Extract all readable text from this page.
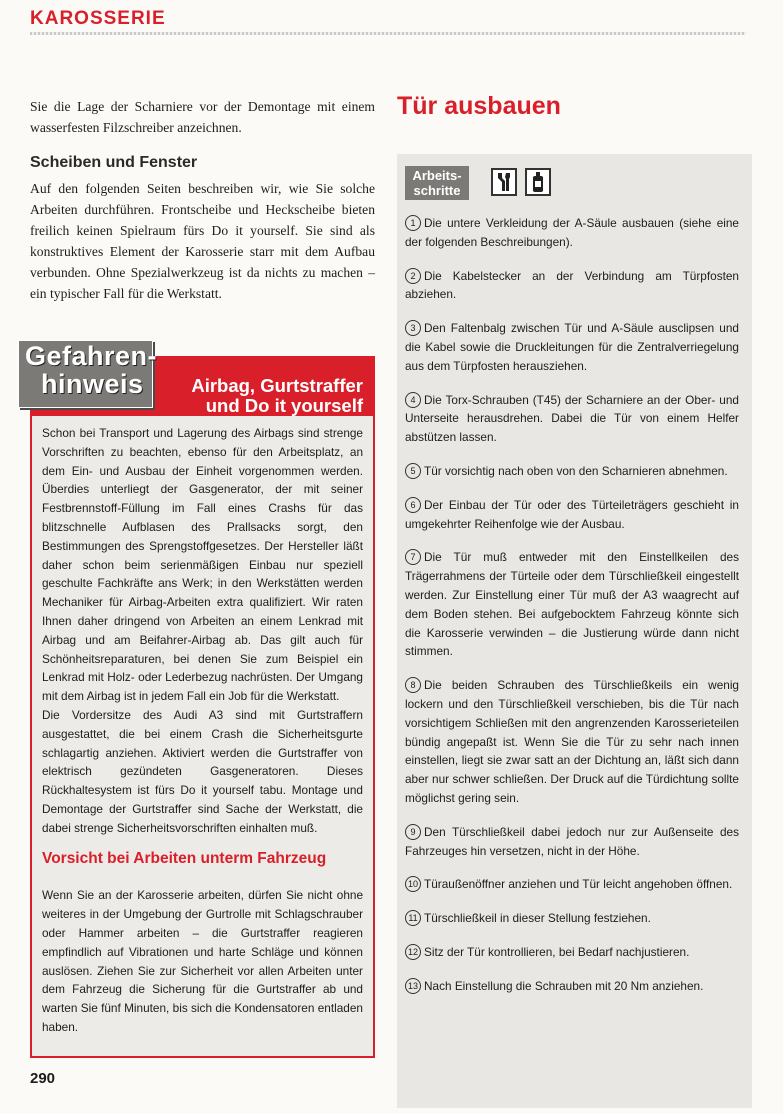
KAROSSERIE

Sie die Lage der Scharniere vor der Demontage mit einem wasserfesten Filzschreiber anzeichnen.

Scheiben und Fenster

Auf den folgenden Seiten beschreiben wir, wie Sie solche Arbeiten durchführen. Frontscheibe und Heckscheibe bieten freilich keinen Spielraum fürs Do it yourself. Sie sind als konstruktives Element der Karosserie starr mit dem Aufbau verbunden. Ohne Spezialwerkzeug ist da nichts zu machen – ein typischer Fall für die Werkstatt.

Airbag, Gurtstraffer
und Do it yourself
Gefahren-
hinweis

Schon bei Transport und Lagerung des Airbags sind strenge Vorschriften zu beachten, ebenso für den Arbeitsplatz, an dem Ein- und Ausbau der Einheit vorgenommen werden. Überdies unterliegt der Gasgenerator, der mit seiner Festbrennstoff-Füllung im Fall eines Crashs für das blitzschnelle Aufblasen des Prallsacks sorgt, den Bestimmungen des Sprengstoffgesetzes. Der Hersteller läßt daher schon beim serienmäßigen Einbau nur speziell geschulte Fachkräfte ans Werk; in den Werkstätten werden Mechaniker für Airbag-Arbeiten extra qualifiziert. Wir raten Ihnen daher dringend von Arbeiten an einem Lenkrad mit Airbag und am Beifahrer-Airbag ab. Das gilt auch für Schönheitsreparaturen, bei denen Sie zum Beispiel ein Lenkrad mit Holz- oder Lederbezug nachrüsten. Der Umgang mit dem Airbag ist in jedem Fall ein Job für die Werkstatt.

Die Vordersitze des Audi A3 sind mit Gurtstraffern ausgestattet, die bei einem Crash die Sicherheitsgurte schlagartig anziehen. Aktiviert werden die Gurtstraffer von elektrisch gezündeten Gasgeneratoren. Dieses Rückhaltesystem ist fürs Do it yourself tabu. Montage und Demontage der Gurtstraffer sind Sache der Werkstatt, die dabei strenge Sicherheitsvorschriften einhalten muß.

Vorsicht bei Arbeiten unterm Fahrzeug

Wenn Sie an der Karosserie arbeiten, dürfen Sie nicht ohne weiteres in der Umgebung der Gurtrolle mit Schlagschrauber oder Hammer arbeiten – die Gurtstraffer reagieren empfindlich auf Vibrationen und harte Schläge und können auslösen. Ziehen Sie zur Sicherheit vor allen Arbeiten unter dem Fahrzeug die Sicherung für die Gurtstraffer ab und warten Sie fünf Minuten, bis sich die Kondensatoren entladen haben.

290
Tür ausbauen
Arbeits-schritte

1 Die untere Verkleidung der A-Säule ausbauen (siehe eine der folgenden Beschreibungen).

2 Die Kabelstecker an der Verbindung am Türpfosten abziehen.

3 Den Faltenbalg zwischen Tür und A-Säule ausclipsen und die Kabel sowie die Druckleitungen für die Zentralverriegelung aus dem Türpfosten herausziehen.

4 Die Torx-Schrauben (T45) der Scharniere an der Ober- und Unterseite herausdrehen. Dabei die Tür von einem Helfer abstützen lassen.

5 Tür vorsichtig nach oben von den Scharnieren abnehmen.

6 Der Einbau der Tür oder des Türteileträgers geschieht in umgekehrter Reihenfolge wie der Ausbau.

7 Die Tür muß entweder mit den Einstellkeilen des Trägerrahmens der Türteile oder dem Türschließkeil eingestellt werden. Zur Einstellung einer Tür muß der A3 waagrecht auf dem Boden stehen. Bei aufgebocktem Fahrzeug könnte sich die Karosserie verwinden – die Justierung würde dann nicht stimmen.

8 Die beiden Schrauben des Türschließkeils ein wenig lockern und den Türschließkeil verschieben, bis die Tür nach vorsichtigem Schließen mit den angrenzenden Karosserieteilen bündig angepaßt ist. Wenn Sie die Tür zu sehr nach innen einstellen, liegt sie zwar satt an der Dichtung an, läßt sich dann aber nur schwer schließen. Der Druck auf die Türdichtung sollte möglichst gering sein.

9 Den Türschließkeil dabei jedoch nur zur Außenseite des Fahrzeuges hin versetzen, nicht in der Höhe.

10 Türaußenöffner anziehen und Tür leicht angehoben öffnen.

11 Türschließkeil in dieser Stellung festziehen.

12 Sitz der Tür kontrollieren, bei Bedarf nachjustieren.

13 Nach Einstellung die Schrauben mit 20 Nm anziehen.
